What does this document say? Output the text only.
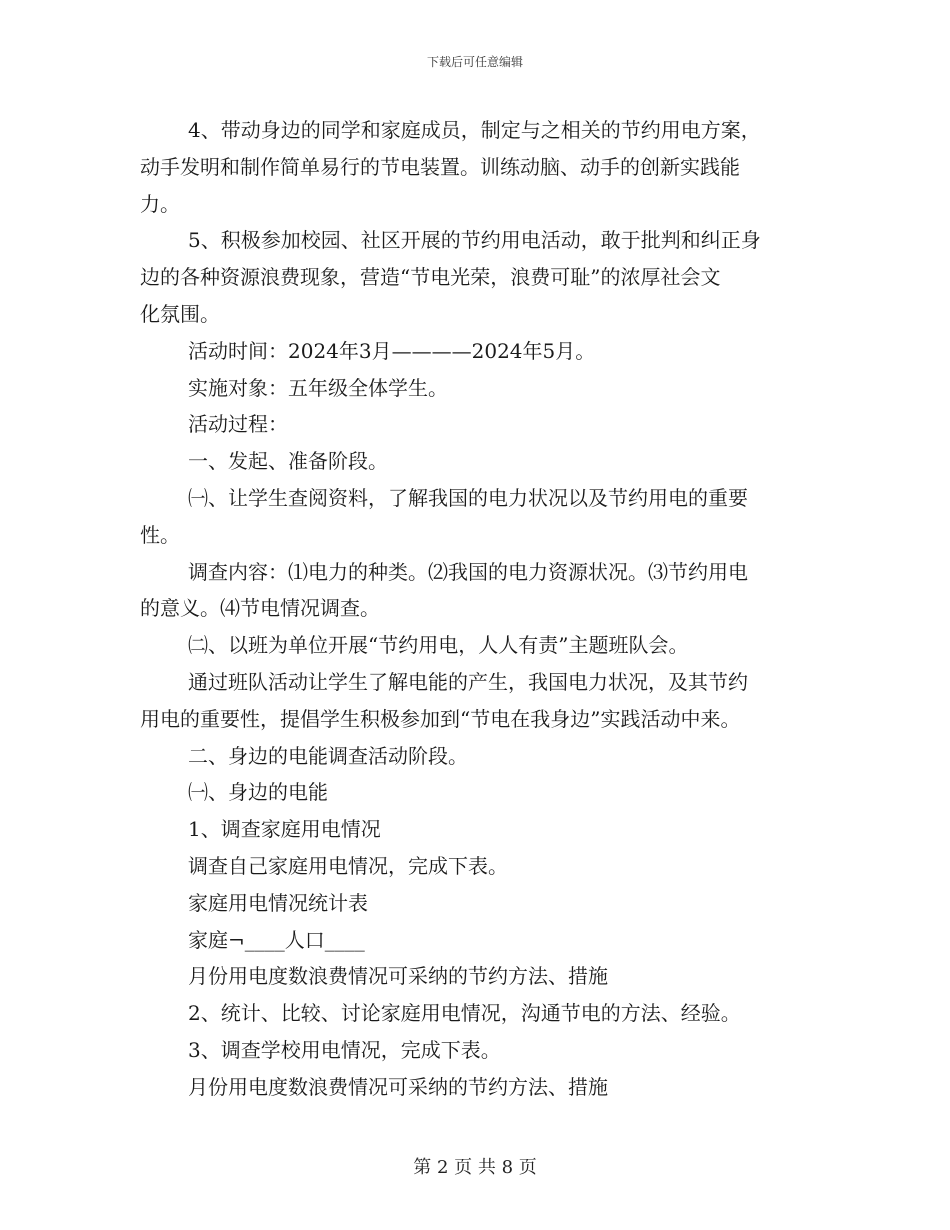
下载后可任意编辑

4、带动身边的同学和家庭成员，制定与之相关的节约用电方案，

动手发明和制作简单易行的节电装置。训练动脑、动手的创新实践能

力。

5、积极参加校园、社区开展的节约用电活动，敢于批判和纠正身

边的各种资源浪费现象，营造“节电光荣，浪费可耻”的浓厚社会文

化氛围。

活动时间：2024年3月————2024年5月。

实施对象：五年级全体学生。

活动过程：

一、发起、准备阶段。

㈠、让学生查阅资料，了解我国的电力状况以及节约用电的重要

性。

调查内容：⑴电力的种类。⑵我国的电力资源状况。⑶节约用电

的意义。⑷节电情况调查。

㈡、以班为单位开展“节约用电，人人有责”主题班队会。

通过班队活动让学生了解电能的产生，我国电力状况，及其节约

用电的重要性，提倡学生积极参加到“节电在我身边”实践活动中来。

二、身边的电能调查活动阶段。

㈠、身边的电能

1、调查家庭用电情况

调查自己家庭用电情况，完成下表。

家庭用电情况统计表

家庭¬____人口____

月份用电度数浪费情况可采纳的节约方法、措施

2、统计、比较、讨论家庭用电情况，沟通节电的方法、经验。

3、调查学校用电情况，完成下表。

月份用电度数浪费情况可采纳的节约方法、措施

第 2 页 共 8 页
